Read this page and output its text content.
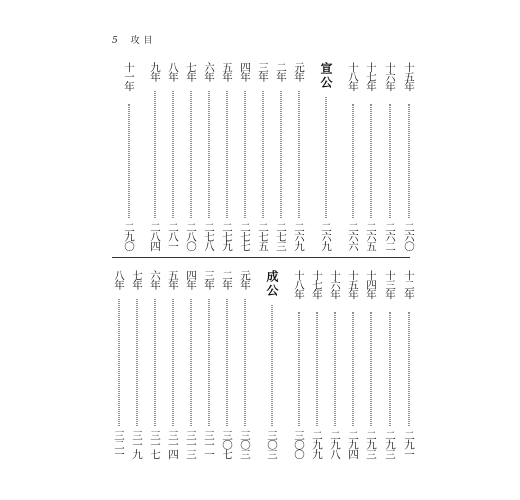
5 攻目
十五年
二六〇
十六年
二六二
十七年
二六五
十八年
二六六
宣公
二六九
元年
二六九
二年
二七三
三年
二七五
四年
二七七
五年
二七九
六年
二七八
七年
二八〇
八年
二八一
九年
二八四
十一年
二九〇
十二年
二九一
十三年
二九三
十四年
二九三
十五年
二九四
十六年
二九八
十七年
二九九
十八年
三〇〇
成公
三〇三
元年
三〇三
二年
三〇七
三年
三一一
四年
三一三
五年
三一四
六年
三一七
七年
三一九
八年
三二一
